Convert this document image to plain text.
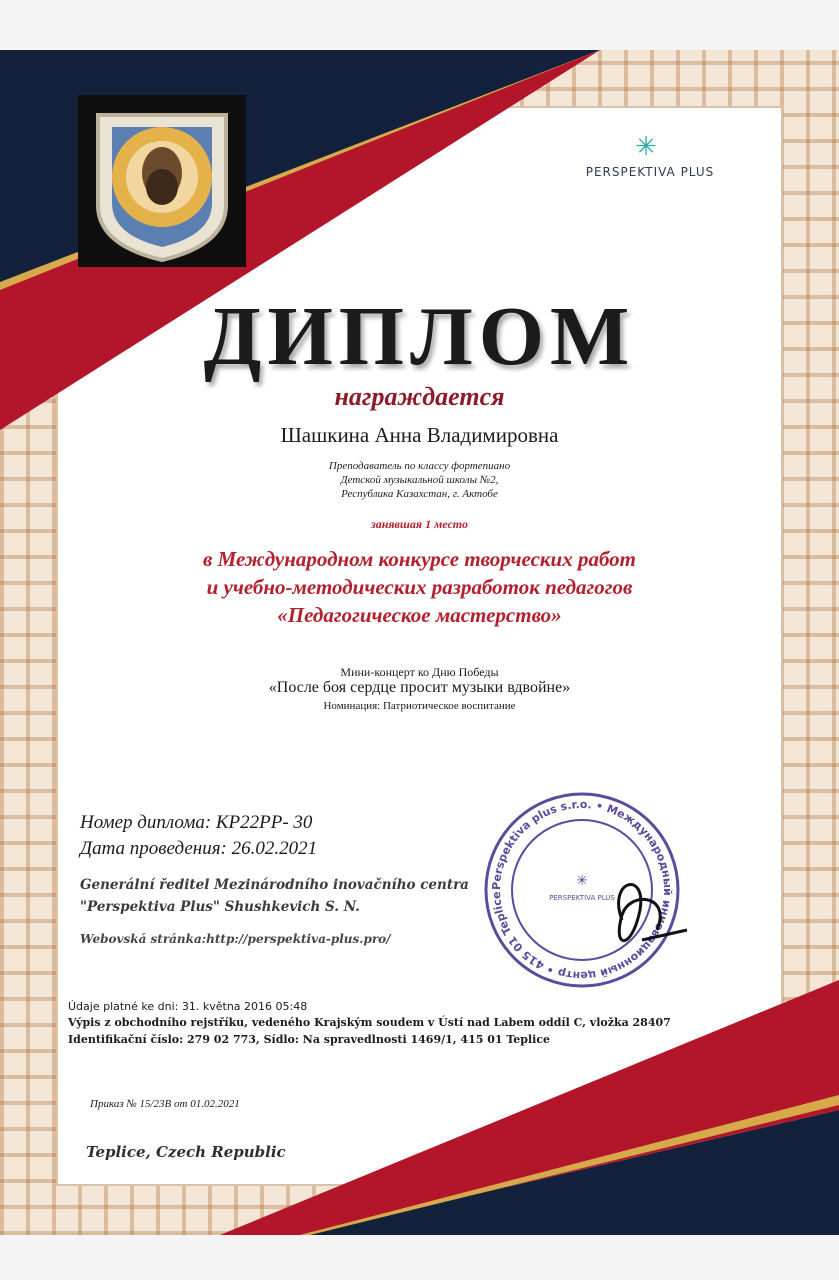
✳

PERSPEKTIVA PLUS

ДИПЛОМ

награждается

Шашкина Анна Владимировна

Преподаватель по классу фортепиано

Детской музыкальной школы №2,

Республика Казахстан, г. Актобе

занявшая 1 место

в Международном конкурсе творческих работ

и учебно-методических разработок педагогов

«Педагогическое мастерство»

Мини-концерт ко Дню Победы

«После боя сердце просит музыки вдвойне»

Номинация: Патриотическое воспитание

Номер диплома: КР22РР- 30

Дата проведения: 26.02.2021

Generální ředitel Mezinárodního inovačního centra

"Perspektiva Plus" Shushkevich S. N.

Webovská stránka:http://perspektiva-plus.pro/

Údaje platné ke dni: 31. května 2016 05:48

Výpis z obchodního rejstříku, vedeného Krajským soudem v Ústí nad Labem oddíl C, vložka 28407

Identifikační číslo: 279 02 773, Sídlo: Na spravedlnosti 1469/1, 415 01 Teplice

Приказ № 15/23В от 01.02.2021

Teplice, Czech Republic

Perspektiva plus s.r.o. • Международный инновационный центр • 415 01 Teplice
✳
PERSPEKTIVA PLUS
